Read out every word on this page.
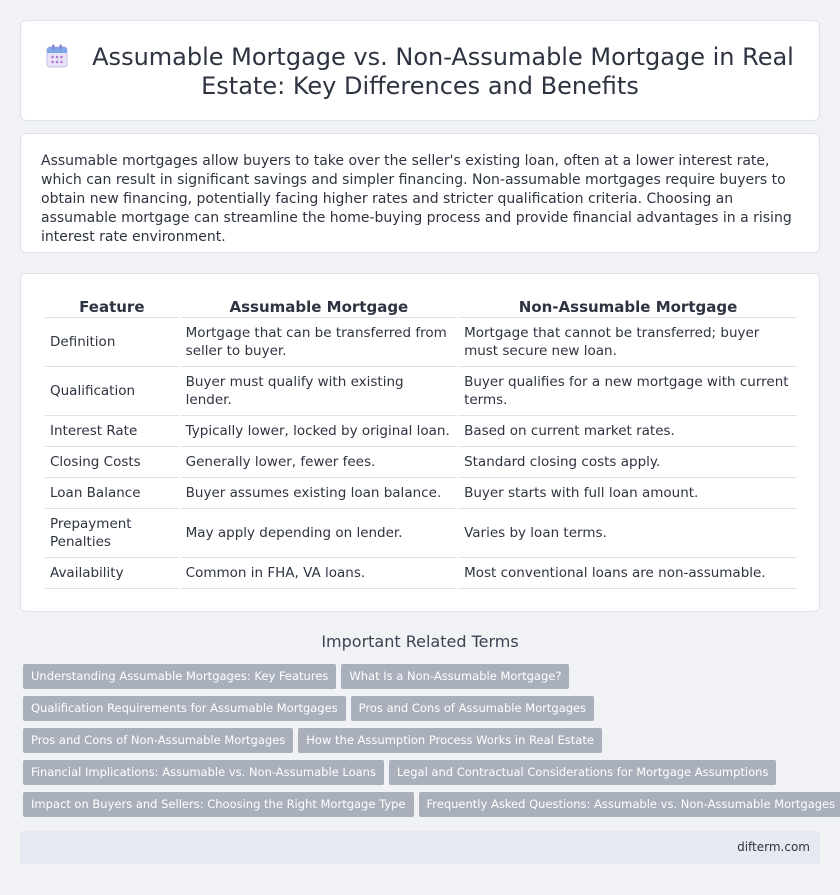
Assumable Mortgage vs. Non-Assumable Mortgage in Real
Estate: Key Differences and Benefits

Assumable mortgages allow buyers to take over the seller's existing loan, often at a lower interest rate, which can result in significant savings and simpler financing. Non-assumable mortgages require buyers to obtain new financing, potentially facing higher rates and stricter qualification criteria. Choosing an assumable mortgage can streamline the home-buying process and provide financial advantages in a rising interest rate environment.

Feature	Assumable Mortgage	Non-Assumable Mortgage
Definition	Mortgage that can be transferred from seller to buyer.	Mortgage that cannot be transferred; buyer must secure new loan.
Qualification	Buyer must qualify with existing lender.	Buyer qualifies for a new mortgage with current terms.
Interest Rate	Typically lower, locked by original loan.	Based on current market rates.
Closing Costs	Generally lower, fewer fees.	Standard closing costs apply.
Loan Balance	Buyer assumes existing loan balance.	Buyer starts with full loan amount.
Prepayment Penalties	May apply depending on lender.	Varies by loan terms.
Availability	Common in FHA, VA loans.	Most conventional loans are non-assumable.
Important Related Terms
Understanding Assumable Mortgages: Key Features What Is a Non-Assumable Mortgage?
Qualification Requirements for Assumable Mortgages Pros and Cons of Assumable Mortgages
Pros and Cons of Non-Assumable Mortgages How the Assumption Process Works in Real Estate
Financial Implications: Assumable vs. Non-Assumable Loans Legal and Contractual Considerations for Mortgage Assumptions
Impact on Buyers and Sellers: Choosing the Right Mortgage Type Frequently Asked Questions: Assumable vs. Non-Assumable Mortgages
difterm.com
